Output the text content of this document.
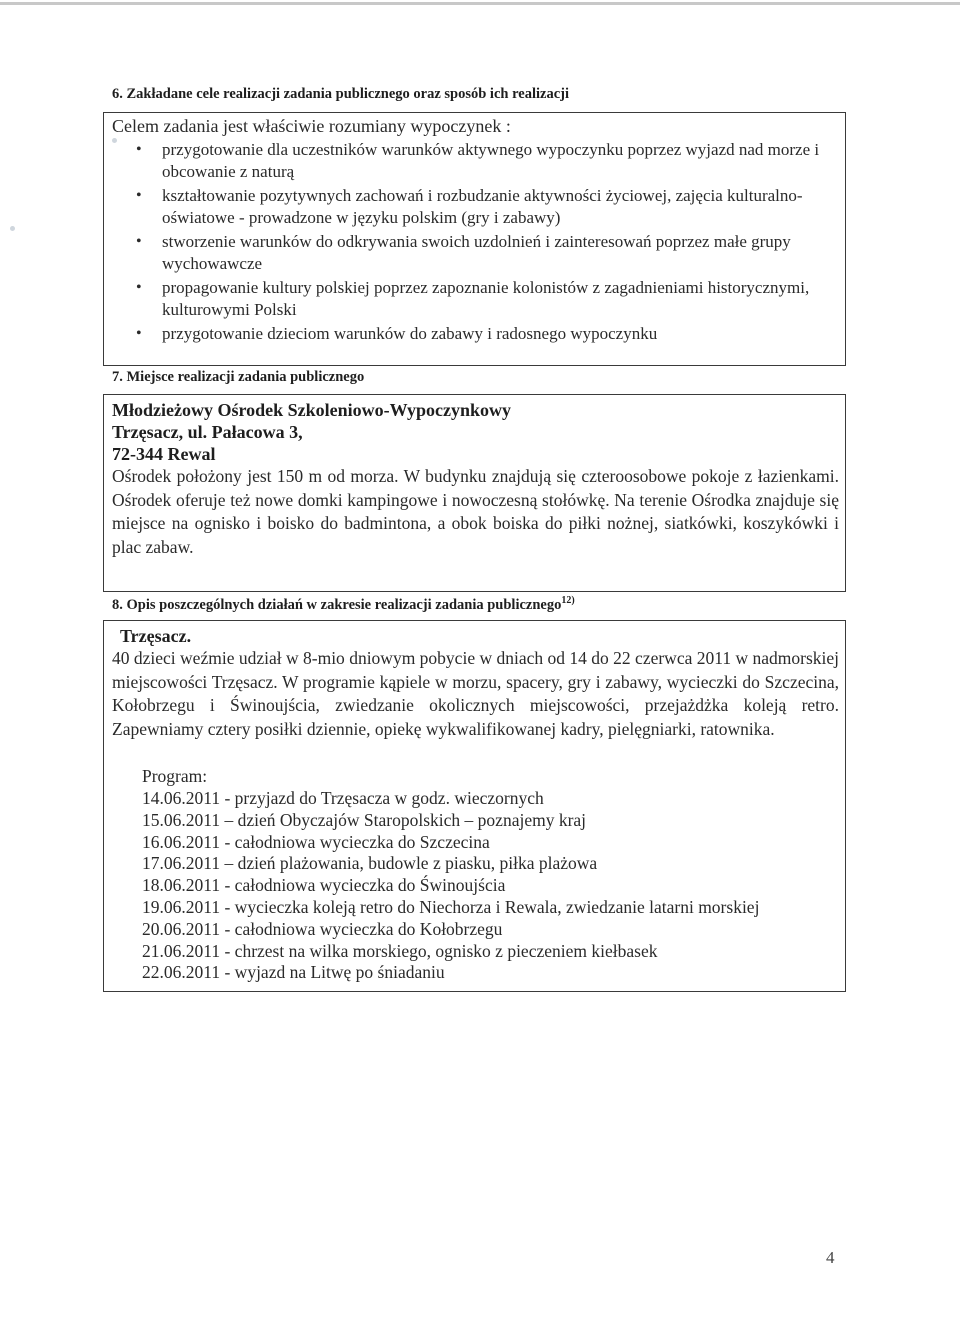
6. Zakładane cele realizacji zadania publicznego oraz sposób ich realizacji
Celem zadania jest właściwie rozumiany wypoczynek :
• przygotowanie dla uczestników warunków aktywnego wypoczynku poprzez wyjazd nad morze i obcowanie z naturą
• kształtowanie pozytywnych zachowań i rozbudzanie aktywności życiowej, zajęcia kulturalno-oświatowe - prowadzone w języku polskim (gry i zabawy)
• stworzenie warunków do odkrywania swoich uzdolnień i zainteresowań poprzez małe grupy wychowawcze
• propagowanie kultury polskiej poprzez zapoznanie kolonistów z zagadnieniami historycznymi, kulturowymi Polski
• przygotowanie dzieciom warunków do zabawy i radosnego wypoczynku
7. Miejsce realizacji zadania publicznego
Młodzieżowy Ośrodek Szkoleniowo-Wypoczynkowy
Trzęsacz, ul. Pałacowa 3,
72-344 Rewal
Ośrodek położony jest 150 m od morza. W budynku znajdują się czteroosobowe pokoje z łazienkami. Ośrodek oferuje też nowe domki kampingowe i nowoczesną stołówkę. Na terenie Ośrodka znajduje się miejsce na ognisko i boisko do badmintona, a obok boiska do piłki nożnej, siatkówki, koszykówki i plac zabaw.
8. Opis poszczególnych działań w zakresie realizacji zadania publicznego$^{12)}$
Trzęsacz.
40 dzieci weźmie udział w 8-mio dniowym pobycie w dniach od 14 do 22 czerwca 2011 w nadmorskiej miejscowości Trzęsacz. W programie kąpiele w morzu, spacery, gry i zabawy, wycieczki do Szczecina, Kołobrzegu i Świnoujścia, zwiedzanie okolicznych miejscowości, przejażdżka koleją retro. Zapewniamy cztery posiłki dziennie, opiekę wykwalifikowanej kadry, pielęgniarki, ratownika.
Program:
14.06.2011 - przyjazd do Trzęsacza w godz. wieczornych
15.06.2011 – dzień Obyczajów Staropolskich – poznajemy kraj
16.06.2011 - całodniowa wycieczka do Szczecina
17.06.2011 – dzień plażowania, budowle z piasku, piłka plażowa
18.06.2011 - całodniowa wycieczka do Świnoujścia
19.06.2011 - wycieczka koleją retro do Niechorza i Rewala, zwiedzanie latarni morskiej
20.06.2011 - całodniowa wycieczka do Kołobrzegu
21.06.2011 - chrzest na wilka morskiego, ognisko z pieczeniem kiełbasek
22.06.2011 - wyjazd na Litwę po śniadaniu
4
